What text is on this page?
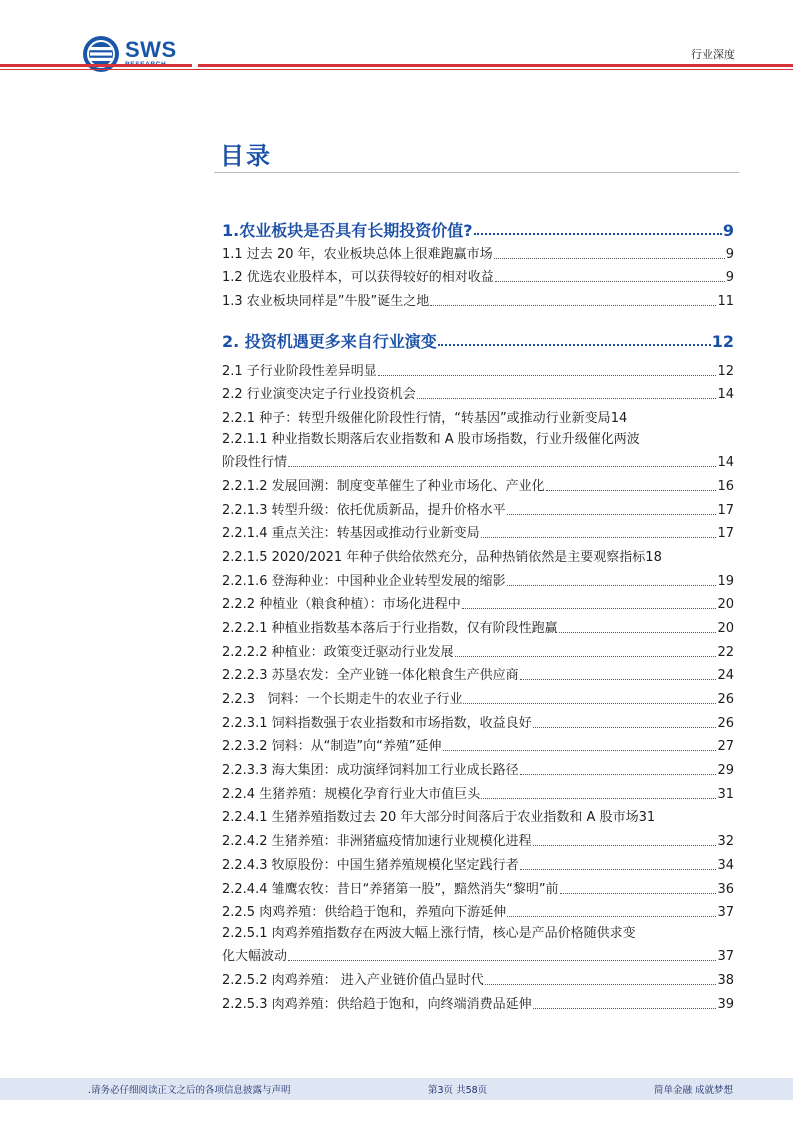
SWS	行业深度
目录
1.农业板块是否具有长期投资价值?	9
1.1 过去 20 年，农业板块总体上很难跑赢市场	9
1.2 优选农业股样本，可以获得较好的相对收益	9
1.3 农业板块同样是”牛股”诞生之地	11
2. 投资机遇更多来自行业演变	12
2.1 子行业阶段性差异明显	12
2.2 行业演变决定子行业投资机会	14
2.2.1 种子：转型升级催化阶段性行情，“转基因”或推动行业新变局 14
2.2.1.1 种业指数长期落后农业指数和 A 股市场指数，行业升级催化两波
阶段性行情	14
2.2.1.2 发展回溯：制度变革催生了种业市场化、产业化	16
2.2.1.3 转型升级：依托优质新品，提升价格水平	17
2.2.1.4 重点关注：转基因或推动行业新变局	17
2.2.1.5 2020/2021 年种子供给依然充分，品种热销依然是主要观察指标 18
2.2.1.6 登海种业：中国种业企业转型发展的缩影	19
2.2.2 种植业（粮食种植）：市场化进程中	20
2.2.2.1 种植业指数基本落后于行业指数，仅有阶段性跑赢	20
2.2.2.2 种植业：政策变迁驱动行业发展	22
2.2.2.3 苏垦农发：全产业链一体化粮食生产供应商	24
2.2.3   饲料：一个长期走牛的农业子行业	26
2.2.3.1 饲料指数强于农业指数和市场指数，收益良好	26
2.2.3.2 饲料：从“制造”向“养殖”延伸	27
2.2.3.3 海大集团：成功演绎饲料加工行业成长路径	29
2.2.4 生猪养殖：规模化孕育行业大市值巨头	31
2.2.4.1 生猪养殖指数过去 20 年大部分时间落后于农业指数和 A 股市场 31
2.2.4.2 生猪养殖：非洲猪瘟疫情加速行业规模化进程	32
2.2.4.3 牧原股份：中国生猪养殖规模化坚定践行者	34
2.2.4.4 雏鹰农牧：昔日“养猪第一股”，黯然消失“黎明”前	36
2.2.5 肉鸡养殖：供给趋于饱和，养殖向下游延伸	37
2.2.5.1 肉鸡养殖指数存在两波大幅上涨行情，核心是产品价格随供求变
化大幅波动	37
2.2.5.2 肉鸡养殖： 进入产业链价值凸显时代	38
2.2.5.3 肉鸡养殖：供给趋于饱和，向终端消费品延伸	39
.请务必仔细阅读正文之后的各项信息披露与声明	第3页 共58页	简单金融 成就梦想
